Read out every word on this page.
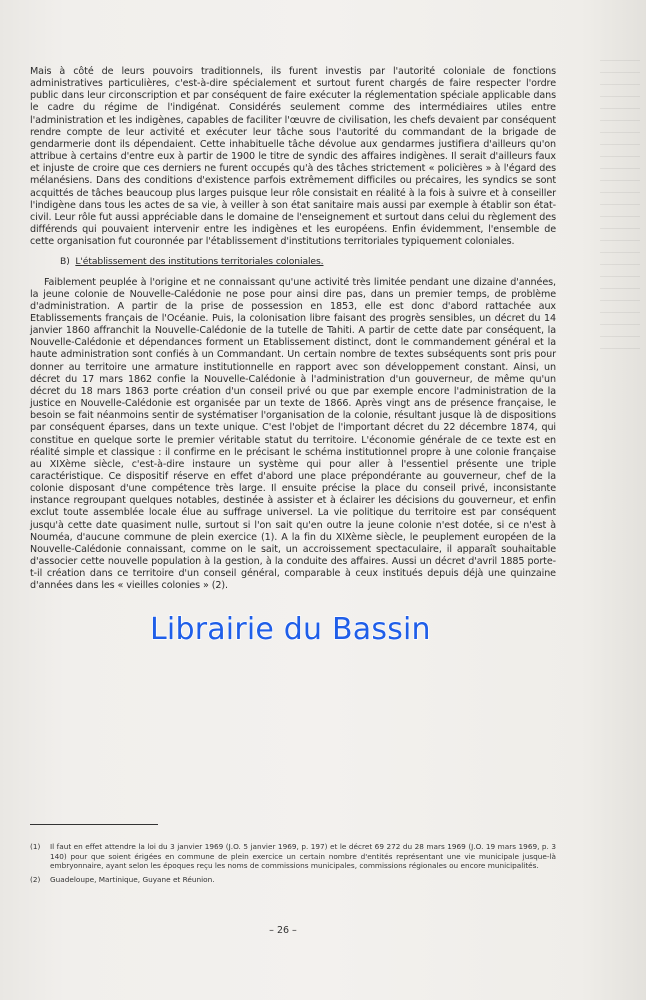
Mais à côté de leurs pouvoirs traditionnels, ils furent investis par l'autorité coloniale de fonctions administratives particulières, c'est-à-dire spécialement et surtout furent chargés de faire respecter l'ordre public dans leur circonscription et par conséquent de faire exécuter la réglementation spéciale applicable dans le cadre du régime de l'indigénat. Considérés seulement comme des intermédiaires utiles entre l'administration et les indigènes, capables de faciliter l'œuvre de civilisation, les chefs devaient par conséquent rendre compte de leur activité et exécuter leur tâche sous l'autorité du commandant de la brigade de gendarmerie dont ils dépendaient. Cette inhabituelle tâche dévolue aux gendarmes justifiera d'ailleurs qu'on attribue à certains d'entre eux à partir de 1900 le titre de syndic des affaires indigènes. Il serait d'ailleurs faux et injuste de croire que ces derniers ne furent occupés qu'à des tâches strictement « policières » à l'égard des mélanésiens. Dans des conditions d'existence parfois extrêmement difficiles ou précaires, les syndics se sont acquittés de tâches beaucoup plus larges puisque leur rôle consistait en réalité à la fois à suivre et à conseiller l'indigène dans tous les actes de sa vie, à veiller à son état sanitaire mais aussi par exemple à établir son état-civil. Leur rôle fut aussi appréciable dans le domaine de l'enseignement et surtout dans celui du règlement des différends qui pouvaient intervenir entre les indigènes et les européens. Enfin évidemment, l'ensemble de cette organisation fut couronnée par l'établissement d'institutions territoriales typiquement coloniales.

B) L'établissement des institutions territoriales coloniales.

Faiblement peuplée à l'origine et ne connaissant qu'une activité très limitée pendant une dizaine d'années, la jeune colonie de Nouvelle-Calédonie ne pose pour ainsi dire pas, dans un premier temps, de problème d'administration. A partir de la prise de possession en 1853, elle est donc d'abord rattachée aux Etablissements français de l'Océanie. Puis, la colonisation libre faisant des progrès sensibles, un décret du 14 janvier 1860 affranchit la Nouvelle-Calédonie de la tutelle de Tahiti. A partir de cette date par conséquent, la Nouvelle-Calédonie et dépendances forment un Etablissement distinct, dont le commandement général et la haute administration sont confiés à un Commandant. Un certain nombre de textes subséquents sont pris pour donner au territoire une armature institutionnelle en rapport avec son développement constant. Ainsi, un décret du 17 mars 1862 confie la Nouvelle-Calédonie à l'administration d'un gouverneur, de même qu'un décret du 18 mars 1863 porte création d'un conseil privé ou que par exemple encore l'administration de la justice en Nouvelle-Calédonie est organisée par un texte de 1866. Après vingt ans de présence française, le besoin se fait néanmoins sentir de systématiser l'organisation de la colonie, résultant jusque là de dispositions par conséquent éparses, dans un texte unique. C'est l'objet de l'important décret du 22 décembre 1874, qui constitue en quelque sorte le premier véritable statut du territoire. L'économie générale de ce texte est en réalité simple et classique : il confirme en le précisant le schéma institutionnel propre à une colonie française au XIXème siècle, c'est-à-dire instaure un système qui pour aller à l'essentiel présente une triple caractéristique. Ce dispositif réserve en effet d'abord une place prépondérante au gouverneur, chef de la colonie disposant d'une compétence très large. Il ensuite précise la place du conseil privé, inconsistante instance regroupant quelques notables, destinée à assister et à éclairer les décisions du gouverneur, et enfin exclut toute assemblée locale élue au suffrage universel. La vie politique du territoire est par conséquent jusqu'à cette date quasiment nulle, surtout si l'on sait qu'en outre la jeune colonie n'est dotée, si ce n'est à Nouméa, d'aucune commune de plein exercice (1). A la fin du XIXème siècle, le peuplement européen de la Nouvelle-Calédonie connaissant, comme on le sait, un accroissement spectaculaire, il apparaît souhaitable d'associer cette nouvelle population à la gestion, à la conduite des affaires. Aussi un décret d'avril 1885 porte-t-il création dans ce territoire d'un conseil général, comparable à ceux institués depuis déjà une quinzaine d'années dans les « vieilles colonies » (2).

Librairie du Bassin
(1)	Il faut en effet attendre la loi du 3 janvier 1969 (J.O. 5 janvier 1969, p. 197) et le décret 69 272 du 28 mars 1969 (J.O. 19 mars 1969, p. 3 140) pour que soient érigées en commune de plein exercice un certain nombre d'entités représentant une vie municipale jusque-là embryonnaire, ayant selon les époques reçu les noms de commissions municipales, commissions régionales ou encore municipalités.
(2)	Guadeloupe, Martinique, Guyane et Réunion.
– 26 –
